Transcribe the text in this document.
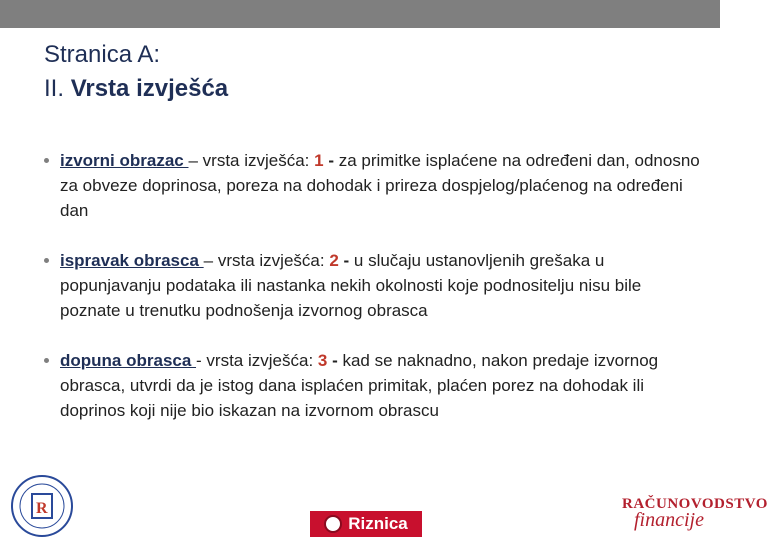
Stranica A:
II. Vrsta izvješća
izvorni obrazac – vrsta izvješća: 1 - za primitke isplaćene na određeni dan, odnosno za obveze doprinosa, poreza na dohodak i prireza dospjelog/plaćenog na određeni dan
ispravak obrasca – vrsta izvješća: 2 - u slučaju ustanovljenih grešaka u popunjavanju podataka ili nastanka nekih okolnosti koje podnositelju nisu bile poznate u trenutku podnošenja izvornog obrasca
dopuna obrasca - vrsta izvješća: 3 - kad se naknadno, nakon predaje izvornog obrasca, utvrdi da je istog dana isplaćen primitak, plaćen porez na dohodak ili doprinos koji nije bio iskazan na izvornom obrascu
R
Riznica
RAČUNOVODSTVO
financije
